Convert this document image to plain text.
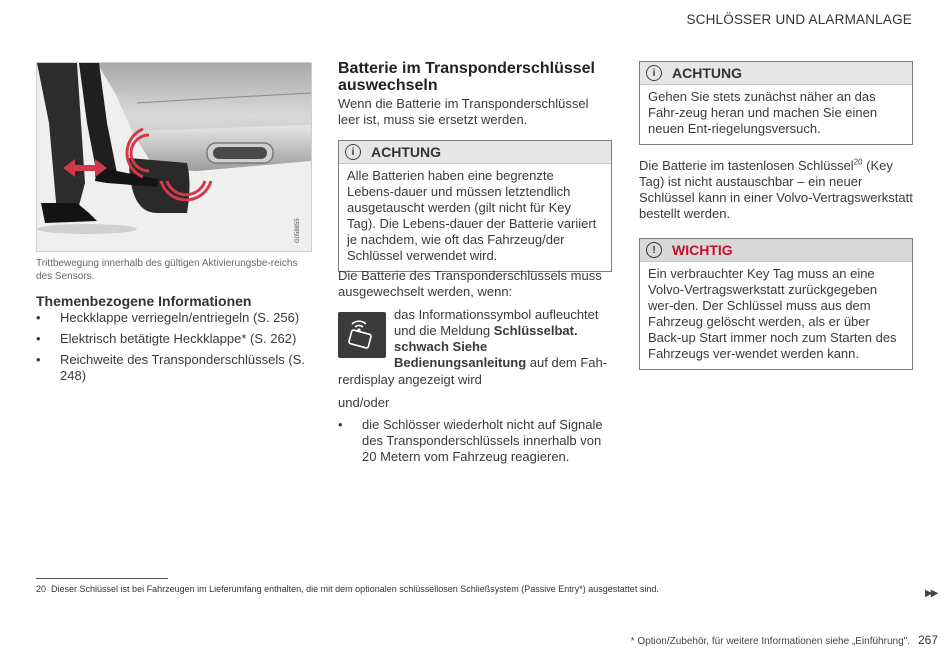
SCHLÖSSER UND ALARMANLAGE
G058855
Trittbewegung innerhalb des gültigen Aktivierungsbe-reichs des Sensors.
Themenbezogene Informationen
• Heckklappe verriegeln/entriegeln (S. 256)
• Elektrisch betätigte Heckklappe* (S. 262)
• Reichweite des Transponderschlüssels (S. 248)
Batterie im Transponderschlüssel auswechseln
Wenn die Batterie im Transponderschlüssel leer ist, muss sie ersetzt werden.
i	ACHTUNG
Alle Batterien haben eine begrenzte Lebens-dauer und müssen letztendlich ausgetauscht werden (gilt nicht für Key Tag). Die Lebens-dauer der Batterie variiert je nachdem, wie oft das Fahrzeug/der Schlüssel verwendet wird.
Die Batterie des Transponderschlüssels muss ausgewechselt werden, wenn:
das Informationssymbol aufleuchtet und die Meldung Schlüsselbat. schwach Siehe Bedienungsanleitung auf dem Fah-
rerdisplay angezeigt wird
und/oder
• die Schlösser wiederholt nicht auf Signale des Transponderschlüssels innerhalb von 20 Metern vom Fahrzeug reagieren.
i	ACHTUNG
Gehen Sie stets zunächst näher an das Fahr-zeug heran und machen Sie einen neuen Ent-riegelungsversuch.
Die Batterie im tastenlosen Schlüssel$^{20}$ (Key Tag) ist nicht austauschbar – ein neuer Schlüssel kann in einer Volvo-Vertragswerkstatt bestellt werden.
!	WICHTIG
Ein verbrauchter Key Tag muss an eine Volvo-Vertragswerkstatt zurückgegeben wer-den. Der Schlüssel muss aus dem Fahrzeug gelöscht werden, als er über Back-up Start immer noch zum Starten des Fahrzeugs ver-wendet werden kann.
20 Dieser Schlüssel ist bei Fahrzeugen im Lieferumfang enthalten, die mit dem optionalen schlüssellosen Schließsystem (Passive Entry*) ausgestattet sind.	▶▶
* Option/Zubehör, für weitere Informationen siehe „Einführung". 267
